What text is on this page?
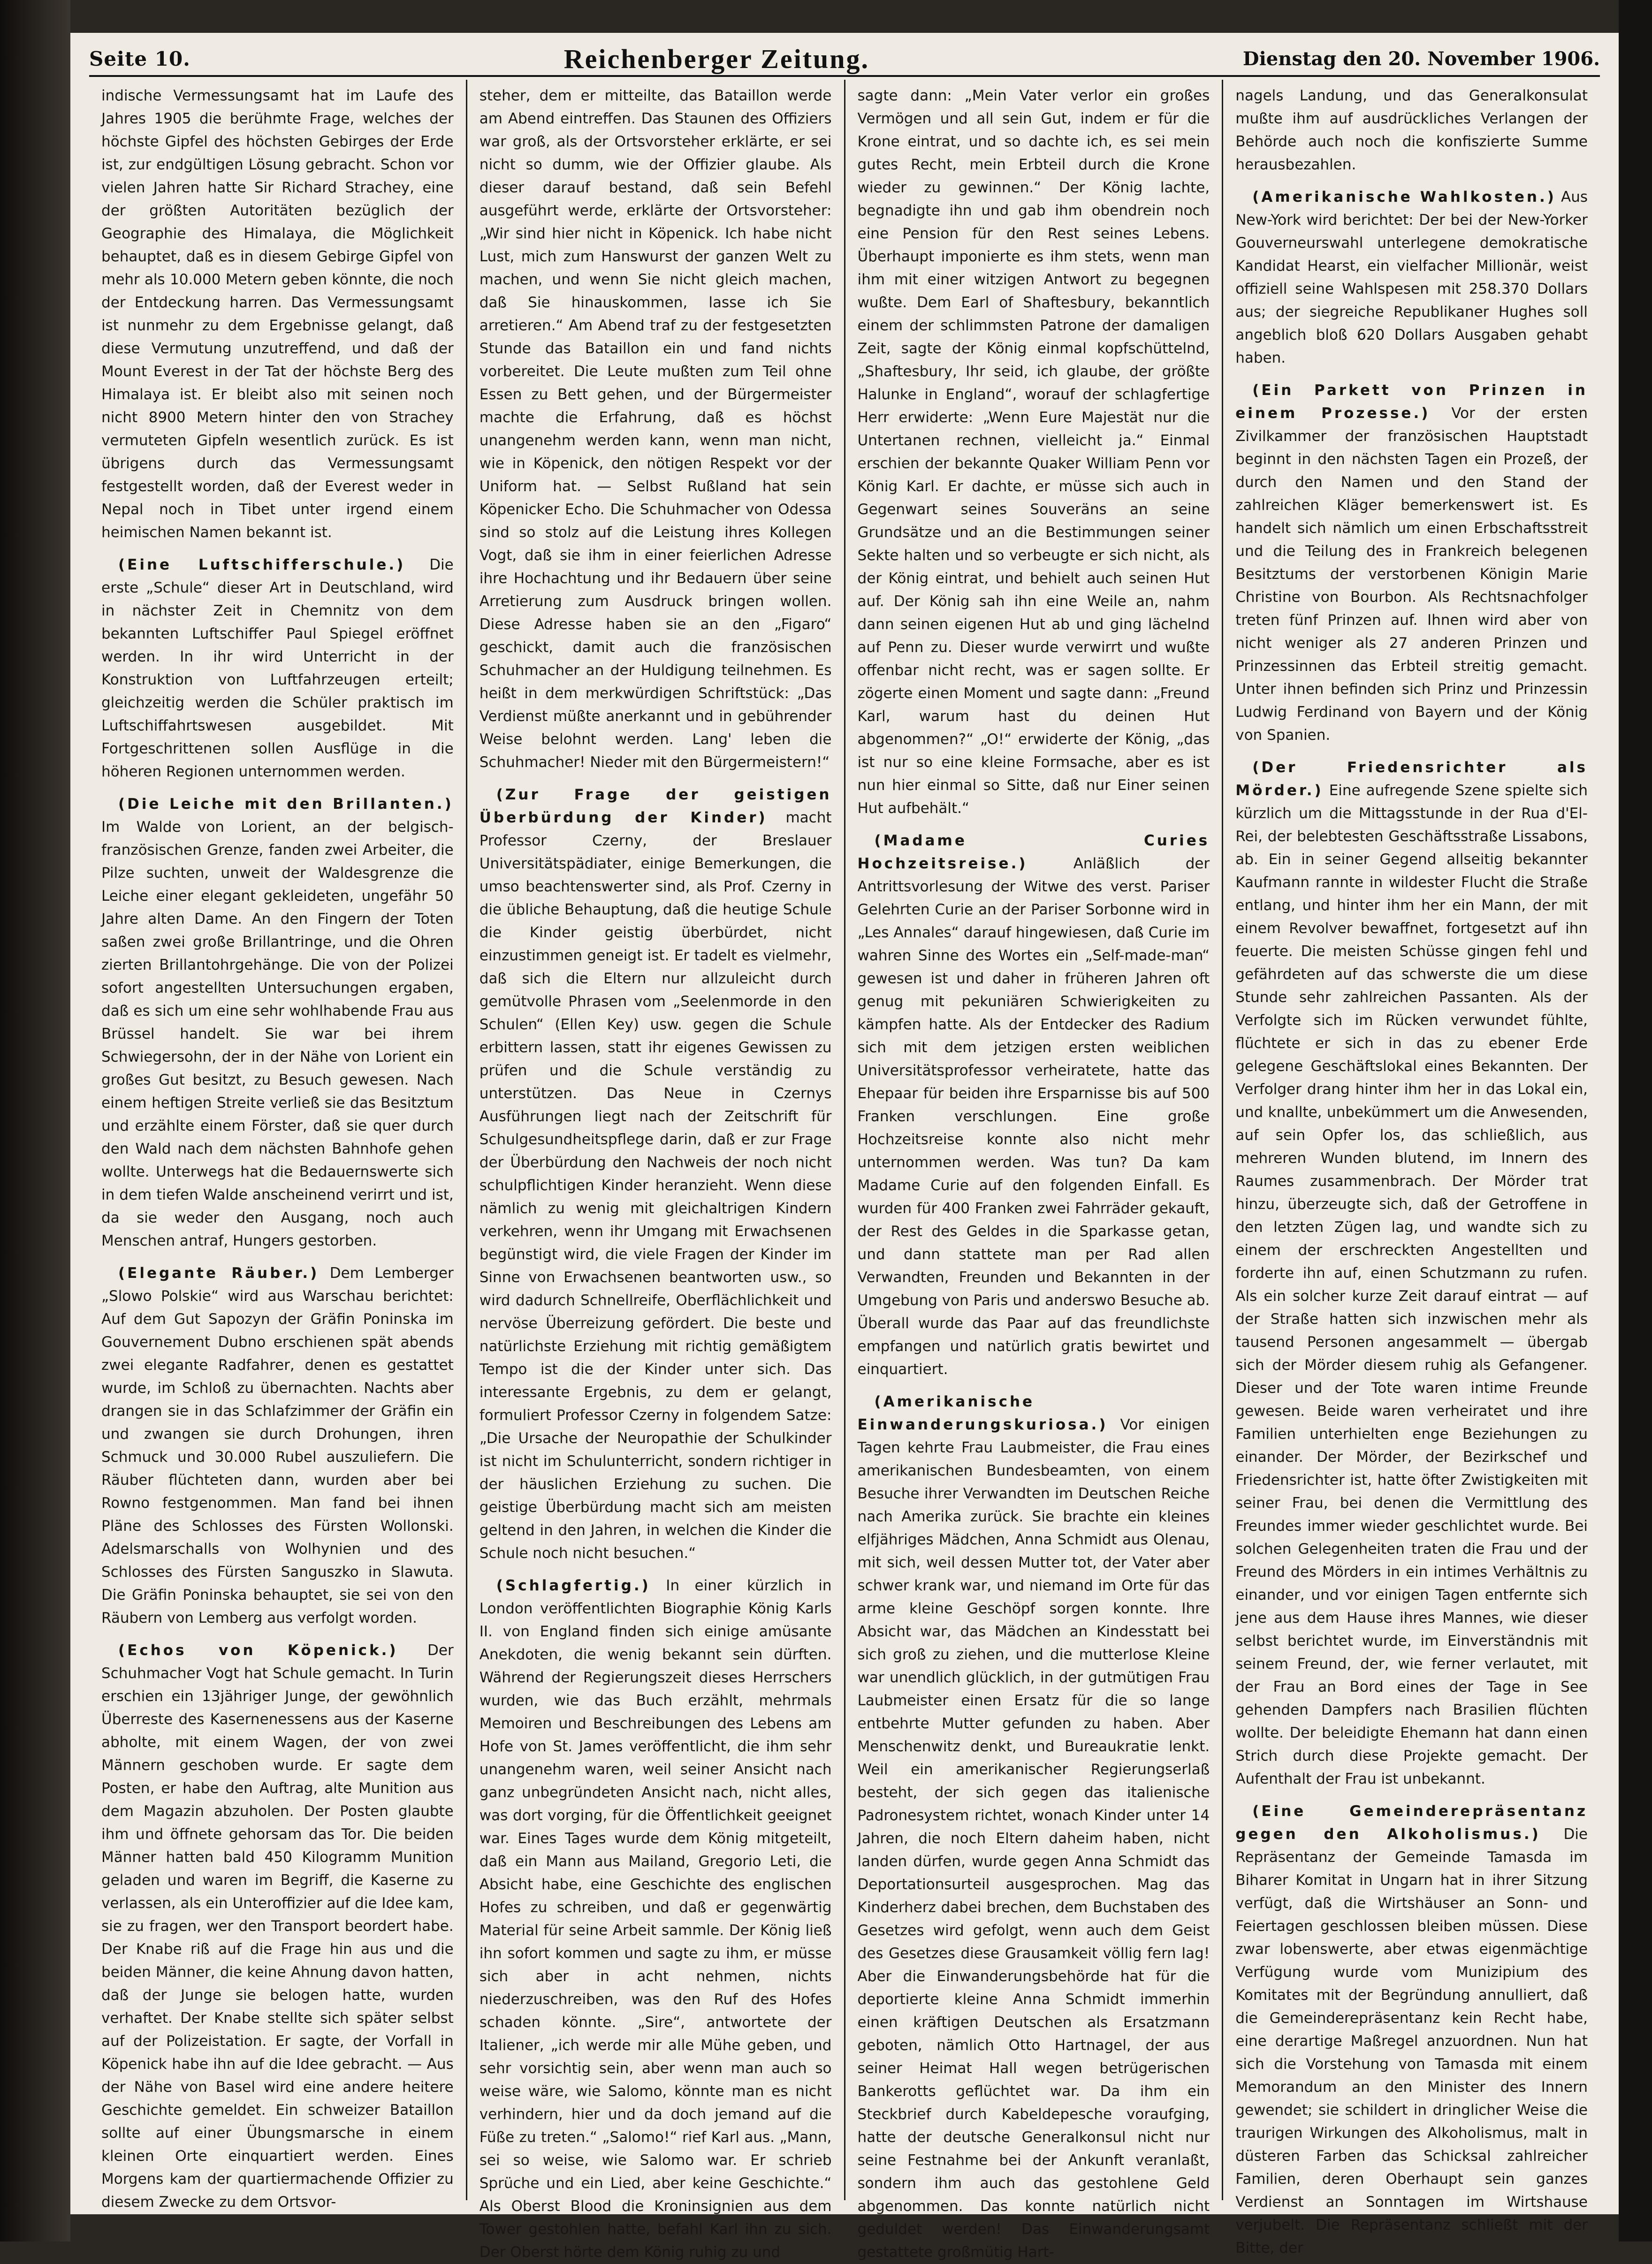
Seite 10.	Reichenberger Zeitung.	Dienstag den 20. November 1906.

indische Vermessungsamt hat im Laufe des Jahres 1905 die berühmte Frage, welches der höchste Gipfel des höchsten Gebirges der Erde ist, zur endgültigen Lösung gebracht. Schon vor vielen Jahren hatte Sir Richard Strachey, eine der größten Autoritäten bezüglich der Geographie des Himalaya, die Möglichkeit behauptet, daß es in diesem Gebirge Gipfel von mehr als 10.000 Metern geben könnte, die noch der Entdeckung harren. Das Vermessungsamt ist nunmehr zu dem Ergebnisse gelangt, daß diese Vermutung unzutreffend, und daß der Mount Everest in der Tat der höchste Berg des Himalaya ist. Er bleibt also mit seinen noch nicht 8900 Metern hinter den von Strachey vermuteten Gipfeln wesentlich zurück. Es ist übrigens durch das Vermessungsamt festgestellt worden, daß der Everest weder in Nepal noch in Tibet unter irgend einem heimischen Namen bekannt ist.

(Eine Luftschifferschule.) Die erste „Schule“ dieser Art in Deutschland, wird in nächster Zeit in Chemnitz von dem bekannten Luftschiffer Paul Spiegel eröffnet werden. In ihr wird Unterricht in der Konstruktion von Luftfahrzeugen erteilt; gleichzeitig werden die Schüler praktisch im Luftschiffahrtswesen ausgebildet. Mit Fortgeschrittenen sollen Ausflüge in die höheren Regionen unternommen werden.

(Die Leiche mit den Brillanten.) Im Walde von Lorient, an der belgisch-französischen Grenze, fanden zwei Arbeiter, die Pilze suchten, unweit der Waldesgrenze die Leiche einer elegant gekleideten, ungefähr 50 Jahre alten Dame. An den Fingern der Toten saßen zwei große Brillantringe, und die Ohren zierten Brillantohrgehänge. Die von der Polizei sofort angestellten Untersuchungen ergaben, daß es sich um eine sehr wohlhabende Frau aus Brüssel handelt. Sie war bei ihrem Schwiegersohn, der in der Nähe von Lorient ein großes Gut besitzt, zu Besuch gewesen. Nach einem heftigen Streite verließ sie das Besitztum und erzählte einem Förster, daß sie quer durch den Wald nach dem nächsten Bahnhofe gehen wollte. Unterwegs hat die Bedauernswerte sich in dem tiefen Walde anscheinend verirrt und ist, da sie weder den Ausgang, noch auch Menschen antraf, Hungers gestorben.

(Elegante Räuber.) Dem Lemberger „Slowo Polskie“ wird aus Warschau berichtet: Auf dem Gut Sapozyn der Gräfin Poninska im Gouvernement Dubno erschienen spät abends zwei elegante Radfahrer, denen es gestattet wurde, im Schloß zu übernachten. Nachts aber drangen sie in das Schlafzimmer der Gräfin ein und zwangen sie durch Drohungen, ihren Schmuck und 30.000 Rubel auszuliefern. Die Räuber flüchteten dann, wurden aber bei Rowno festgenommen. Man fand bei ihnen Pläne des Schlosses des Fürsten Wollonski. Adelsmarschalls von Wolhynien und des Schlosses des Fürsten Sanguszko in Slawuta. Die Gräfin Poninska behauptet, sie sei von den Räubern von Lemberg aus verfolgt worden.

(Echos von Köpenick.) Der Schuhmacher Vogt hat Schule gemacht. In Turin erschien ein 13jähriger Junge, der gewöhnlich Überreste des Kasernenessens aus der Kaserne abholte, mit einem Wagen, der von zwei Männern geschoben wurde. Er sagte dem Posten, er habe den Auftrag, alte Munition aus dem Magazin abzuholen. Der Posten glaubte ihm und öffnete gehorsam das Tor. Die beiden Männer hatten bald 450 Kilogramm Munition geladen und waren im Begriff, die Kaserne zu verlassen, als ein Unteroffizier auf die Idee kam, sie zu fragen, wer den Transport beordert habe. Der Knabe riß auf die Frage hin aus und die beiden Männer, die keine Ahnung davon hatten, daß der Junge sie belogen hatte, wurden verhaftet. Der Knabe stellte sich später selbst auf der Polizeistation. Er sagte, der Vorfall in Köpenick habe ihn auf die Idee gebracht. — Aus der Nähe von Basel wird eine andere heitere Geschichte gemeldet. Ein schweizer Bataillon sollte auf einer Übungsmarsche in einem kleinen Orte einquartiert werden. Eines Morgens kam der quartiermachende Offizier zu diesem Zwecke zu dem Ortsvor-

steher, dem er mitteilte, das Bataillon werde am Abend eintreffen. Das Staunen des Offiziers war groß, als der Ortsvorsteher erklärte, er sei nicht so dumm, wie der Offizier glaube. Als dieser darauf bestand, daß sein Befehl ausgeführt werde, erklärte der Ortsvorsteher: „Wir sind hier nicht in Köpenick. Ich habe nicht Lust, mich zum Hanswurst der ganzen Welt zu machen, und wenn Sie nicht gleich machen, daß Sie hinauskommen, lasse ich Sie arretieren.“ Am Abend traf zu der festgesetzten Stunde das Bataillon ein und fand nichts vorbereitet. Die Leute mußten zum Teil ohne Essen zu Bett gehen, und der Bürgermeister machte die Erfahrung, daß es höchst unangenehm werden kann, wenn man nicht, wie in Köpenick, den nötigen Respekt vor der Uniform hat. — Selbst Rußland hat sein Köpenicker Echo. Die Schuhmacher von Odessa sind so stolz auf die Leistung ihres Kollegen Vogt, daß sie ihm in einer feierlichen Adresse ihre Hochachtung und ihr Bedauern über seine Arretierung zum Ausdruck bringen wollen. Diese Adresse haben sie an den „Figaro“ geschickt, damit auch die französischen Schuhmacher an der Huldigung teilnehmen. Es heißt in dem merkwürdigen Schriftstück: „Das Verdienst müßte anerkannt und in gebührender Weise belohnt werden. Lang' leben die Schuhmacher! Nieder mit den Bürgermeistern!“

(Zur Frage der geistigen Überbürdung der Kinder) macht Professor Czerny, der Breslauer Universitätspädiater, einige Bemerkungen, die umso beachtenswerter sind, als Prof. Czerny in die übliche Behauptung, daß die heutige Schule die Kinder geistig überbürdet, nicht einzustimmen geneigt ist. Er tadelt es vielmehr, daß sich die Eltern nur allzuleicht durch gemütvolle Phrasen vom „Seelenmorde in den Schulen“ (Ellen Key) usw. gegen die Schule erbittern lassen, statt ihr eigenes Gewissen zu prüfen und die Schule verständig zu unterstützen. Das Neue in Czernys Ausführungen liegt nach der Zeitschrift für Schulgesundheitspflege darin, daß er zur Frage der Überbürdung den Nachweis der noch nicht schulpflichtigen Kinder heranzieht. Wenn diese nämlich zu wenig mit gleichaltrigen Kindern verkehren, wenn ihr Umgang mit Erwachsenen begünstigt wird, die viele Fragen der Kinder im Sinne von Erwachsenen beantworten usw., so wird dadurch Schnellreife, Oberflächlichkeit und nervöse Überreizung gefördert. Die beste und natürlichste Erziehung mit richtig gemäßigtem Tempo ist die der Kinder unter sich. Das interessante Ergebnis, zu dem er gelangt, formuliert Professor Czerny in folgendem Satze: „Die Ursache der Neuropathie der Schulkinder ist nicht im Schulunterricht, sondern richtiger in der häuslichen Erziehung zu suchen. Die geistige Überbürdung macht sich am meisten geltend in den Jahren, in welchen die Kinder die Schule noch nicht besuchen.“

(Schlagfertig.) In einer kürzlich in London veröffentlichten Biographie König Karls II. von England finden sich einige amüsante Anekdoten, die wenig bekannt sein dürften. Während der Regierungszeit dieses Herrschers wurden, wie das Buch erzählt, mehrmals Memoiren und Beschreibungen des Lebens am Hofe von St. James veröffentlicht, die ihm sehr unangenehm waren, weil seiner Ansicht nach ganz unbegründeten Ansicht nach, nicht alles, was dort vorging, für die Öffentlichkeit geeignet war. Eines Tages wurde dem König mitgeteilt, daß ein Mann aus Mailand, Gregorio Leti, die Absicht habe, eine Geschichte des englischen Hofes zu schreiben, und daß er gegenwärtig Material für seine Arbeit sammle. Der König ließ ihn sofort kommen und sagte zu ihm, er müsse sich aber in acht nehmen, nichts niederzuschreiben, was den Ruf des Hofes schaden könnte. „Sire“, antwortete der Italiener, „ich werde mir alle Mühe geben, und sehr vorsichtig sein, aber wenn man auch so weise wäre, wie Salomo, könnte man es nicht verhindern, hier und da doch jemand auf die Füße zu treten.“ „Salomo!“ rief Karl aus. „Mann, sei so weise, wie Salomo war. Er schrieb Sprüche und ein Lied, aber keine Geschichte.“ Als Oberst Blood die Kroninsignien aus dem Tower gestohlen hatte, befahl Karl ihn zu sich. Der Oberst hörte dem König ruhig zu und

sagte dann: „Mein Vater verlor ein großes Vermögen und all sein Gut, indem er für die Krone eintrat, und so dachte ich, es sei mein gutes Recht, mein Erbteil durch die Krone wieder zu gewinnen.“ Der König lachte, begnadigte ihn und gab ihm obendrein noch eine Pension für den Rest seines Lebens. Überhaupt imponierte es ihm stets, wenn man ihm mit einer witzigen Antwort zu begegnen wußte. Dem Earl of Shaftesbury, bekanntlich einem der schlimmsten Patrone der damaligen Zeit, sagte der König einmal kopfschüttelnd, „Shaftesbury, Ihr seid, ich glaube, der größte Halunke in England“, worauf der schlagfertige Herr erwiderte: „Wenn Eure Majestät nur die Untertanen rechnen, vielleicht ja.“ Einmal erschien der bekannte Quaker William Penn vor König Karl. Er dachte, er müsse sich auch in Gegenwart seines Souveräns an seine Grundsätze und an die Bestimmungen seiner Sekte halten und so verbeugte er sich nicht, als der König eintrat, und behielt auch seinen Hut auf. Der König sah ihn eine Weile an, nahm dann seinen eigenen Hut ab und ging lächelnd auf Penn zu. Dieser wurde verwirrt und wußte offenbar nicht recht, was er sagen sollte. Er zögerte einen Moment und sagte dann: „Freund Karl, warum hast du deinen Hut abgenommen?“ „O!“ erwiderte der König, „das ist nur so eine kleine Formsache, aber es ist nun hier einmal so Sitte, daß nur Einer seinen Hut aufbehält.“

(Madame Curies Hochzeitsreise.)	Anläßlich der Antrittsvorlesung der Witwe des verst. Pariser Gelehrten Curie an der Pariser Sorbonne wird in „Les Annales“ darauf hingewiesen, daß Curie im wahren Sinne des Wortes ein „Self-made-man“ gewesen ist und daher in früheren Jahren oft genug mit pekuniären Schwierigkeiten zu kämpfen hatte. Als der Entdecker des Radium sich mit dem jetzigen ersten weiblichen Universitätsprofessor verheiratete, hatte das Ehepaar für beiden ihre Ersparnisse bis auf 500 Franken verschlungen. Eine große Hochzeitsreise konnte also nicht mehr unternommen werden. Was tun? Da kam Madame Curie auf den folgenden Einfall. Es wurden für 400 Franken zwei Fahrräder gekauft, der Rest des Geldes in die Sparkasse getan, und dann stattete man per Rad allen Verwandten, Freunden und Bekannten in der Umgebung von Paris und anderswo Besuche ab. Überall wurde das Paar auf das freundlichste empfangen und natürlich gratis bewirtet und einquartiert.

(Amerikanische Einwanderungskuriosa.) Vor einigen Tagen kehrte Frau Laubmeister, die Frau eines amerikanischen Bundesbeamten, von einem Besuche ihrer Verwandten im Deutschen Reiche nach Amerika zurück. Sie brachte ein kleines elfjähriges Mädchen, Anna Schmidt aus Olenau, mit sich, weil dessen Mutter tot, der Vater aber schwer krank war, und niemand im Orte für das arme kleine Geschöpf sorgen konnte. Ihre Absicht war, das Mädchen an Kindesstatt bei sich groß zu ziehen, und die mutterlose Kleine war unendlich glücklich, in der gutmütigen Frau Laubmeister einen Ersatz für die so lange entbehrte Mutter gefunden zu haben. Aber Menschenwitz denkt, und Bureaukratie lenkt. Weil ein amerikanischer Regierungserlaß besteht, der sich gegen das italienische Padronesystem richtet, wonach Kinder unter 14 Jahren, die noch Eltern daheim haben, nicht landen dürfen, wurde gegen Anna Schmidt das Deportationsurteil ausgesprochen. Mag das Kinderherz dabei brechen, dem Buchstaben des Gesetzes wird gefolgt, wenn auch dem Geist des Gesetzes diese Grausamkeit völlig fern lag! Aber die Einwanderungsbehörde hat für die deportierte kleine Anna Schmidt immerhin einen kräftigen Deutschen als Ersatzmann geboten, nämlich Otto Hartnagel, der aus seiner Heimat Hall wegen betrügerischen Bankerotts geflüchtet war. Da ihm ein Steckbrief durch Kabeldepesche voraufging, hatte der deutsche Generalkonsul nicht nur seine Festnahme bei der Ankunft veranlaßt, sondern ihm auch das gestohlene Geld abgenommen. Das konnte natürlich nicht geduldet werden! Das Einwanderungsamt gestattete großmütig Hart-

nagels Landung, und das Generalkonsulat mußte ihm auf ausdrückliches Verlangen der Behörde auch noch die konfiszierte Summe herausbezahlen.

(Amerikanische Wahlkosten.) Aus New-York wird berichtet: Der bei der New-Yorker Gouverneurswahl unterlegene demokratische Kandidat Hearst, ein vielfacher Millionär, weist offiziell seine Wahlspesen mit 258.370 Dollars aus; der siegreiche Republikaner Hughes soll angeblich bloß 620 Dollars Ausgaben gehabt haben.

(Ein Parkett von Prinzen in einem Prozesse.) Vor der ersten Zivilkammer der französischen Hauptstadt beginnt in den nächsten Tagen ein Prozeß, der durch den Namen und den Stand der zahlreichen Kläger bemerkenswert ist. Es handelt sich nämlich um einen Erbschaftsstreit und die Teilung des in Frankreich belegenen Besitztums der verstorbenen Königin Marie Christine von Bourbon. Als Rechtsnachfolger treten fünf Prinzen auf. Ihnen wird aber von nicht weniger als 27 anderen Prinzen und Prinzessinnen das Erbteil streitig gemacht. Unter ihnen befinden sich Prinz und Prinzessin Ludwig Ferdinand von Bayern und der König von Spanien.

(Der Friedensrichter als Mörder.) Eine aufregende Szene spielte sich kürzlich um die Mittagsstunde in der Rua d'El-Rei, der belebtesten Geschäftsstraße Lissabons, ab. Ein in seiner Gegend allseitig bekannter Kaufmann rannte in wildester Flucht die Straße entlang, und hinter ihm her ein Mann, der mit einem Revolver bewaffnet, fortgesetzt auf ihn feuerte. Die meisten Schüsse gingen fehl und gefährdeten auf das schwerste die um diese Stunde sehr zahlreichen Passanten. Als der Verfolgte sich im Rücken verwundet fühlte, flüchtete er sich in das zu ebener Erde gelegene Geschäftslokal eines Bekannten. Der Verfolger drang hinter ihm her in das Lokal ein, und knallte, unbekümmert um die Anwesenden, auf sein Opfer los, das schließlich, aus mehreren Wunden blutend, im Innern des Raumes zusammenbrach. Der Mörder trat hinzu, überzeugte sich, daß der Getroffene in den letzten Zügen lag, und wandte sich zu einem der erschreckten Angestellten und forderte ihn auf, einen Schutzmann zu rufen. Als ein solcher kurze Zeit darauf eintrat — auf der Straße hatten sich inzwischen mehr als tausend Personen angesammelt — übergab sich der Mörder diesem ruhig als Gefangener. Dieser und der Tote waren intime Freunde gewesen. Beide waren verheiratet und ihre Familien unterhielten enge Beziehungen zu einander. Der Mörder, der Bezirkschef und Friedensrichter ist, hatte öfter Zwistigkeiten mit seiner Frau, bei denen die Vermittlung des Freundes immer wieder geschlichtet wurde. Bei solchen Gelegenheiten traten die Frau und der Freund des Mörders in ein intimes Verhältnis zu einander, und vor einigen Tagen entfernte sich jene aus dem Hause ihres Mannes, wie dieser selbst berichtet wurde, im Einverständnis mit seinem Freund, der, wie ferner verlautet, mit der Frau an Bord eines der Tage in See gehenden Dampfers nach Brasilien flüchten wollte. Der beleidigte Ehemann hat dann einen Strich durch diese Projekte gemacht. Der Aufenthalt der Frau ist unbekannt.

(Eine Gemeinderepräsentanz gegen den Alkoholismus.) Die Repräsentanz der Gemeinde Tamasda im Biharer Komitat in Ungarn hat in ihrer Sitzung verfügt, daß die Wirtshäuser an Sonn- und Feiertagen geschlossen bleiben müssen. Diese zwar lobenswerte, aber etwas eigenmächtige Verfügung wurde vom Munizipium des Komitates mit der Begründung annulliert, daß die Gemeinderepräsentanz kein Recht habe, eine derartige Maßregel anzuordnen. Nun hat sich die Vorstehung von Tamasda mit einem Memorandum an den Minister des Innern gewendet; sie schildert in dringlicher Weise die traurigen Wirkungen des Alkoholismus, malt in düsteren Farben das Schicksal zahlreicher Familien, deren Oberhaupt sein ganzes Verdienst an Sonntagen im Wirtshause verjubelt. Die Repräsentanz schließt mit der Bitte, der
